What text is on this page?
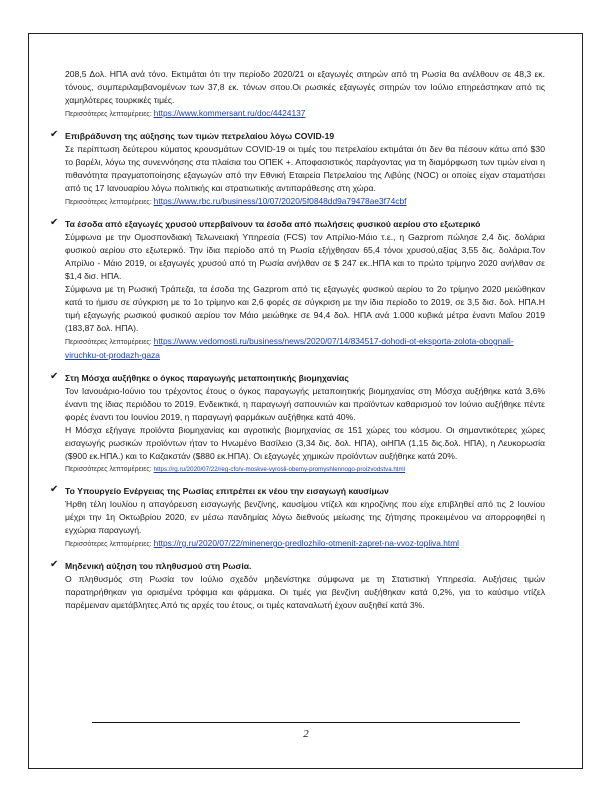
208,5 Δολ. ΗΠΑ ανά τόνο. Εκτιμάται ότι την περίοδο 2020/21 οι εξαγωγές σιτηρών από τη Ρωσία θα ανέλθουν σε 48,3 εκ. τόνους, συμπεριλαμβανομένων των 37,8 εκ. τόνων σιτου.Οι ρωσικές εξαγωγές σιτηρών τον Ιούλιο επηρεάστηκαν από τις χαμηλότερες τουρκικές τιμές.

Περισσότερες λεπτομέρειες: https://www.kommersant.ru/doc/4424137

✔ Επιβράδυνση της αύξησης των τιμών πετρελαίου λόγω COVID-19

Σε περίπτωση δεύτερου κύματος κρουσμάτων COVID-19 οι τιμές του πετρελαίου εκτιμάται ότι δεν θα πέσουν κάτω από $30 το βαρέλι, λόγω της συνεννόησης στα πλαίσια του ΟΠΕΚ +. Αποφασιστικός παράγοντας για τη διαμόρφωση των τιμών είναι η πιθανότητα πραγματοποίησης εξαγωγών από την Εθνική Εταιρεία Πετρελαίου της Λιβύης (NOC) οι οποίες είχαν σταματήσει από τις 17 Ιανουαρίου λόγω πολιτικής και στρατιωτικής αντιπαράθεσης στη χώρα.

Περισσότερες λεπτομέρειες: https://www.rbc.ru/business/10/07/2020/5f0848dd9a79478ae3f74cbf

✔ Τα έσοδα από εξαγωγές χρυσού υπερβαίνουν τα έσοδα από πωλήσεις φυσικού αερίου στο εξωτερικό

Σύμφωνα με την Ομοσπονδιακή Τελωνειακή Υπηρεσία (FCS) τον Απρίλιο-Μάιο τ.ε., η Gazprom πώλησε 2,4 δις. δολάρια φυσικού αερίου στο εξωτερικό. Την ίδια περίοδο από τη Ρωσία εξήχθησαν 65,4 τόνοι χρυσού,αξίας 3,55 δις. δολάρια.Τον Απρίλιο - Μάιο 2019, οι εξαγωγές χρυσού από τη Ρωσία ανήλθαν σε $ 247 εκ..ΗΠΑ και το πρώτο τρίμηνο 2020 ανήλθαν σε $1,4 δισ. ΗΠΑ.

Σύμφωνα με τη Ρωσική Τράπεζα, τα έσοδα της Gazprom από τις εξαγωγές φυσικού αερίου το 2ο τρίμηνο 2020 μειώθηκαν κατά το ήμισυ σε σύγκριση με το 1ο τρίμηνο και 2,6 φορές σε σύγκριση με την ίδια περίοδο το 2019, σε 3,5 δισ. δολ. ΗΠΑ.Η τιμή εξαγωγής ρωσικού φυσικού αερίου τον Μάιο μειώθηκε σε 94,4 δολ. ΗΠΑ ανά 1.000 κυβικά μέτρα έναντι Μαΐου 2019 (183,87 δολ. ΗΠΑ).

Περισσότερες λεπτομέρειες: https://www.vedomosti.ru/business/news/2020/07/14/834517-dohodi-ot-eksporta-zolota-obognali-viruchku-ot-prodazh-gaza

✔ Στη Μόσχα αυξήθηκε ο όγκος παραγωγής μεταποιητικής βιομηχανίας

Τον Ιανουάριο-Ιούνιο του τρέχοντος έτους ο όγκος παραγωγής μεταποιητικής βιομηχανίας στη Μόσχα αυξήθηκε κατά 3,6% έναντι της ίδιας περιόδου το 2019. Ενδεικτικά, η παραγωγή σαπουνιών και προϊόντων καθαρισμού τον Ιούνιο αυξήθηκε πέντε φορές έναντι του Ιουνίου 2019, η παραγωγή φαρμάκων αυξήθηκε κατά 40%.

Η Μόσχα εξήγαγε προϊόντα βιομηχανίας και αγροτικής βιομηχανίας σε 151 χώρες του κόσμου. Οι σημαντικότερες χώρες εισαγωγής ρωσικών προϊόντων ήταν το Ηνωμένο Βασίλειο (3,34 δις. δολ. ΗΠΑ), οιΗΠΑ (1,15 δις.δολ. ΗΠΑ), η Λευκορωσία ($900 εκ.ΗΠΑ.) και το Καζακστάν ($880 εκ.ΗΠΑ). Οι εξαγωγές χημικών προϊόντων αυξήθηκε κατά 20%.

Περισσότερες λεπτομέρειες: https://rg.ru/2020/07/22/reg-cfo/v-moskve-vyrosli-obemy-promyshlennogo-proizvodstva.html

✔ Το Υπουργείο Ενέργειας της Ρωσίας επιτρέπει εκ νέου την εισαγωγή καυσίμων

Ήρθη τέλη Ιουλίου η απαγόρευση εισαγωγής βενζίνης, καυσίμου ντίζελ και κηροζίνης που είχε επιβληθεί από τις 2 Ιουνίου μέχρι την 1η Οκτωβρίου 2020, εν μέσω πανδημίας λόγω διεθνούς μείωσης της ζήτησης προκειμένου να απορροφηθεί η εγχώρια παραγωγή.

Περισσότερες λεπτομέρειες: https://rg.ru/2020/07/22/minenergo-predlozhilo-otmenit-zapret-na-vvoz-topliva.html

✔ Μηδενική αύξηση του πληθυσμού στη Ρωσία.

Ο πληθυσμός στη Ρωσία τον Ιούλιο σχεδόν μηδενίστηκε σύμφωνα με τη Στατιστική Υπηρεσία. Αυξήσεις τιμών παρατηρήθηκαν για ορισμένα τρόφιμα και φάρμακα. Οι τιμές για βενζίνη αυξήθηκαν κατά 0,2%, για το καύσιμο ντίζελ παρέμειναν αμετάβλητες.Από τις αρχές του έτους, οι τιμές καταναλωτή έχουν αυξηθεί κατά 3%.

2
